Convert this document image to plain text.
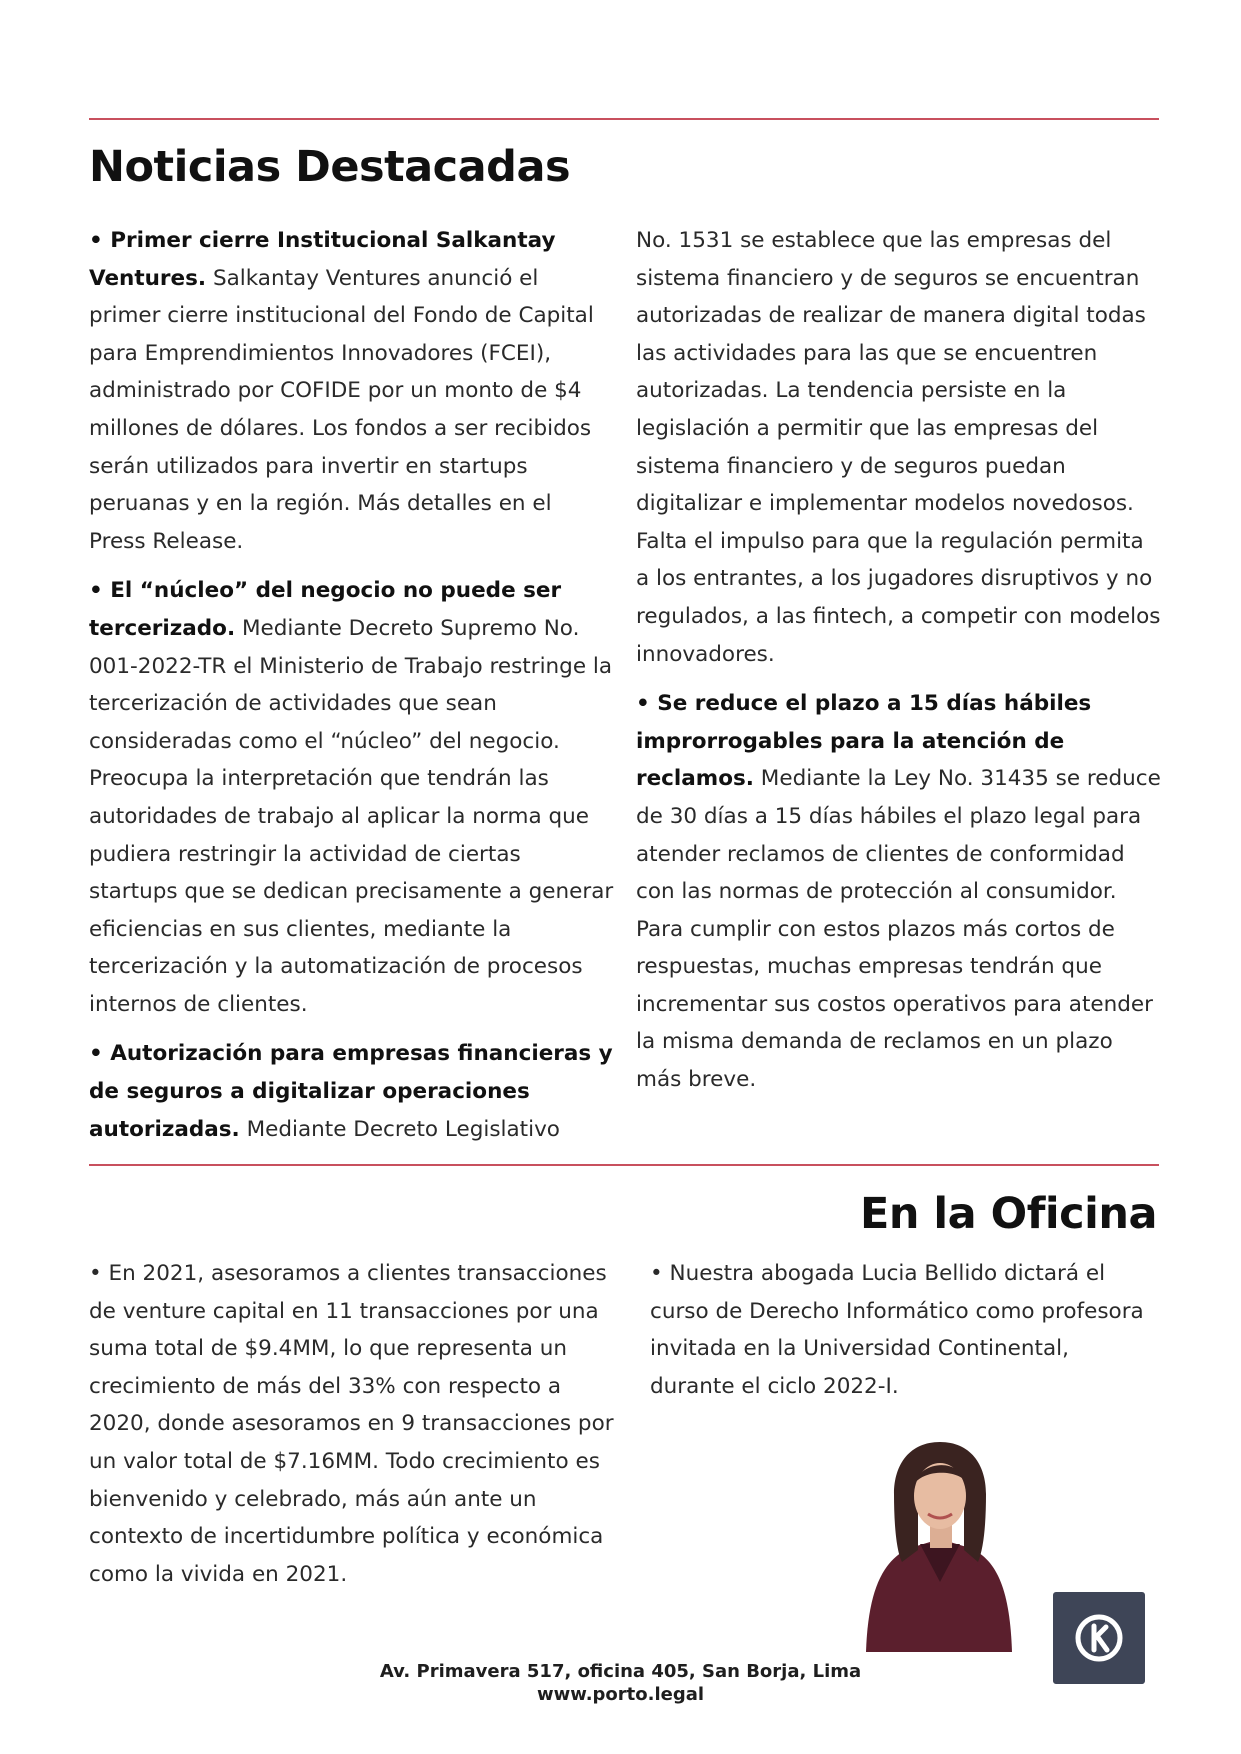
Noticias Destacadas

• Primer cierre Institucional Salkantay Ventures. Salkantay Ventures anunció el primer cierre institucional del Fondo de Capital para Emprendimientos Innovadores (FCEI), administrado por COFIDE por un monto de $4 millones de dólares. Los fondos a ser recibidos serán utilizados para invertir en startups peruanas y en la región. Más detalles en el Press Release.

• El “núcleo” del negocio no puede ser tercerizado. Mediante Decreto Supremo No. 001-2022-TR el Ministerio de Trabajo restringe la tercerización de actividades que sean consideradas como el “núcleo” del negocio. Preocupa la interpretación que tendrán las autoridades de trabajo al aplicar la norma que pudiera restringir la actividad de ciertas startups que se dedican precisamente a generar eficiencias en sus clientes, mediante la tercerización y la automatización de procesos internos de clientes.

• Autorización para empresas financieras y de seguros a digitalizar operaciones autorizadas. Mediante Decreto Legislativo

No. 1531 se establece que las empresas del sistema financiero y de seguros se encuentran autorizadas de realizar de manera digital todas las actividades para las que se encuentren autorizadas. La tendencia persiste en la legislación a permitir que las empresas del sistema financiero y de seguros puedan digitalizar e implementar modelos novedosos. Falta el impulso para que la regulación permita a los entrantes, a los jugadores disruptivos y no regulados, a las fintech, a competir con modelos innovadores.

• Se reduce el plazo a 15 días hábiles improrrogables para la atención de reclamos. Mediante la Ley No. 31435 se reduce de 30 días a 15 días hábiles el plazo legal para atender reclamos de clientes de conformidad con las normas de protección al consumidor. Para cumplir con estos plazos más cortos de respuestas, muchas empresas tendrán que incrementar sus costos operativos para atender la misma demanda de reclamos en un plazo más breve.

En la Oficina

• En 2021, asesoramos a clientes transacciones de venture capital en 11 transacciones por una suma total de $9.4MM, lo que representa un crecimiento de más del 33% con respecto a 2020, donde asesoramos en 9 transacciones por un valor total de $7.16MM. Todo crecimiento es bienvenido y celebrado, más aún ante un contexto de incertidumbre política y económica como la vivida en 2021.

• Nuestra abogada Lucia Bellido dictará el curso de Derecho Informático como profesora invitada en la Universidad Continental, durante el ciclo 2022-I.

Av. Primavera 517, oficina 405, San Borja, Lima
www.porto.legal
